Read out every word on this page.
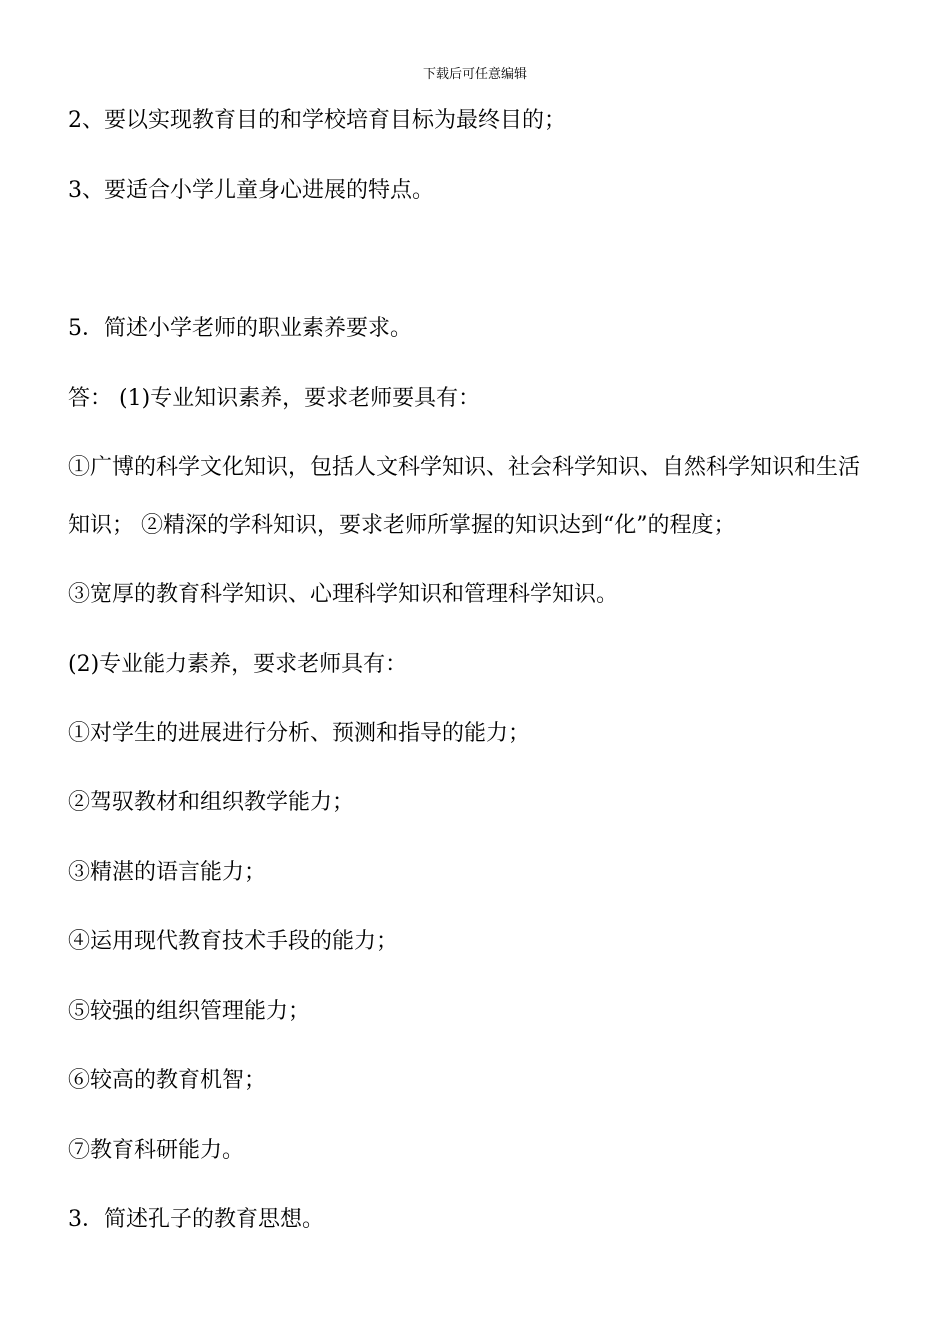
下载后可任意编辑
2、要以实现教育目的和学校培育目标为最终目的；
3、要适合小学儿童身心进展的特点。
5．简述小学老师的职业素养要求。
答： (1)专业知识素养，要求老师要具有：
①广博的科学文化知识，包括人文科学知识、社会科学知识、自然科学知识和生活
知识； ②精深的学科知识，要求老师所掌握的知识达到“化”的程度；
③宽厚的教育科学知识、心理科学知识和管理科学知识。
(2)专业能力素养，要求老师具有：
①对学生的进展进行分析、预测和指导的能力；
②驾驭教材和组织教学能力；
③精湛的语言能力；
④运用现代教育技术手段的能力；
⑤较强的组织管理能力；
⑥较高的教育机智；
⑦教育科研能力。
3．简述孔子的教育思想。
